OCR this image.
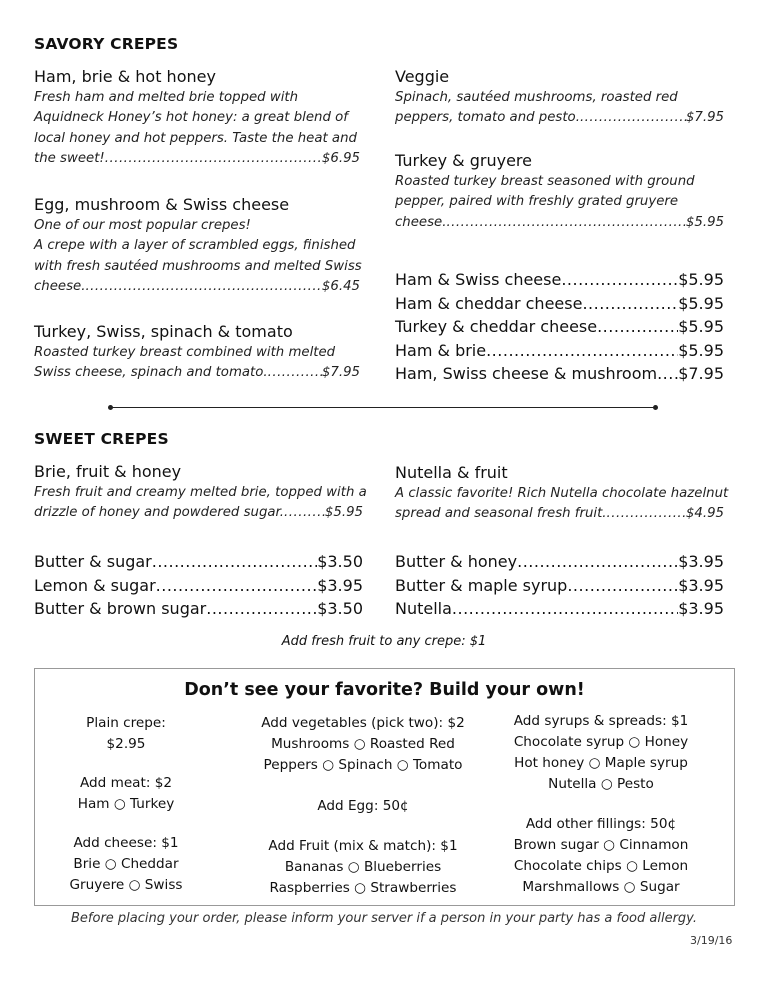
SAVORY CREPES
Ham, brie & hot honey
Fresh ham and melted brie topped with
Aquidneck Honey’s hot honey: a great blend of
local honey and hot peppers. Taste the heat and
the sweet! .....	$6.95
Egg, mushroom & Swiss cheese
One of our most popular crepes!
A crepe with a layer of scrambled eggs, finished
with fresh sautéed mushrooms and melted Swiss
cheese. .....	$6.45
Turkey, Swiss, spinach & tomato
Roasted turkey breast combined with melted
Swiss cheese, spinach and tomato. .....	$7.95
Veggie
Spinach, sautéed mushrooms, roasted red
peppers, tomato and pesto. .....	$7.95
Turkey & gruyere
Roasted turkey breast seasoned with ground
pepper, paired with freshly grated gruyere
cheese. .....	$5.95
Brie, fruit & honey
Fresh fruit and creamy melted brie, topped with a
drizzle of honey and powdered sugar. .....	$5.95
Nutella & fruit
A classic favorite! Rich Nutella chocolate hazelnut
spread and seasonal fresh fruit. .....	$4.95
Ham & Swiss cheese .....	$5.95
Ham & cheddar cheese .....	$5.95
Turkey & cheddar cheese .....	$5.95
Ham & brie .....	$5.95
Ham, Swiss cheese & mushroom ..... $7.95
SWEET CREPES
Butter & sugar .....	$3.50
Lemon & sugar .....	$3.95
Butter & brown sugar .....	$3.50
Butter & honey .....	$3.95
Butter & maple syrup .....	$3.95
Nutella .....	$3.95
Add fresh fruit to any crepe: $1
Don’t see your favorite? Build your own!
Plain crepe:
$2.95
Add meat: $2
Ham ○ Turkey
Add cheese: $1
Brie ○ Cheddar
Gruyere ○ Swiss
Add vegetables (pick two): $2
Mushrooms ○ Roasted Red
Peppers ○ Spinach ○ Tomato
Add Egg: 50¢
Add Fruit (mix & match): $1
Bananas ○ Blueberries
Raspberries ○ Strawberries
Add syrups & spreads: $1
Chocolate syrup ○ Honey
Hot honey ○ Maple syrup
Nutella ○ Pesto
Add other fillings: 50¢
Brown sugar ○ Cinnamon
Chocolate chips ○ Lemon
Marshmallows ○ Sugar
Before placing your order, please inform your server if a person in your party has a food allergy.
3/19/16
